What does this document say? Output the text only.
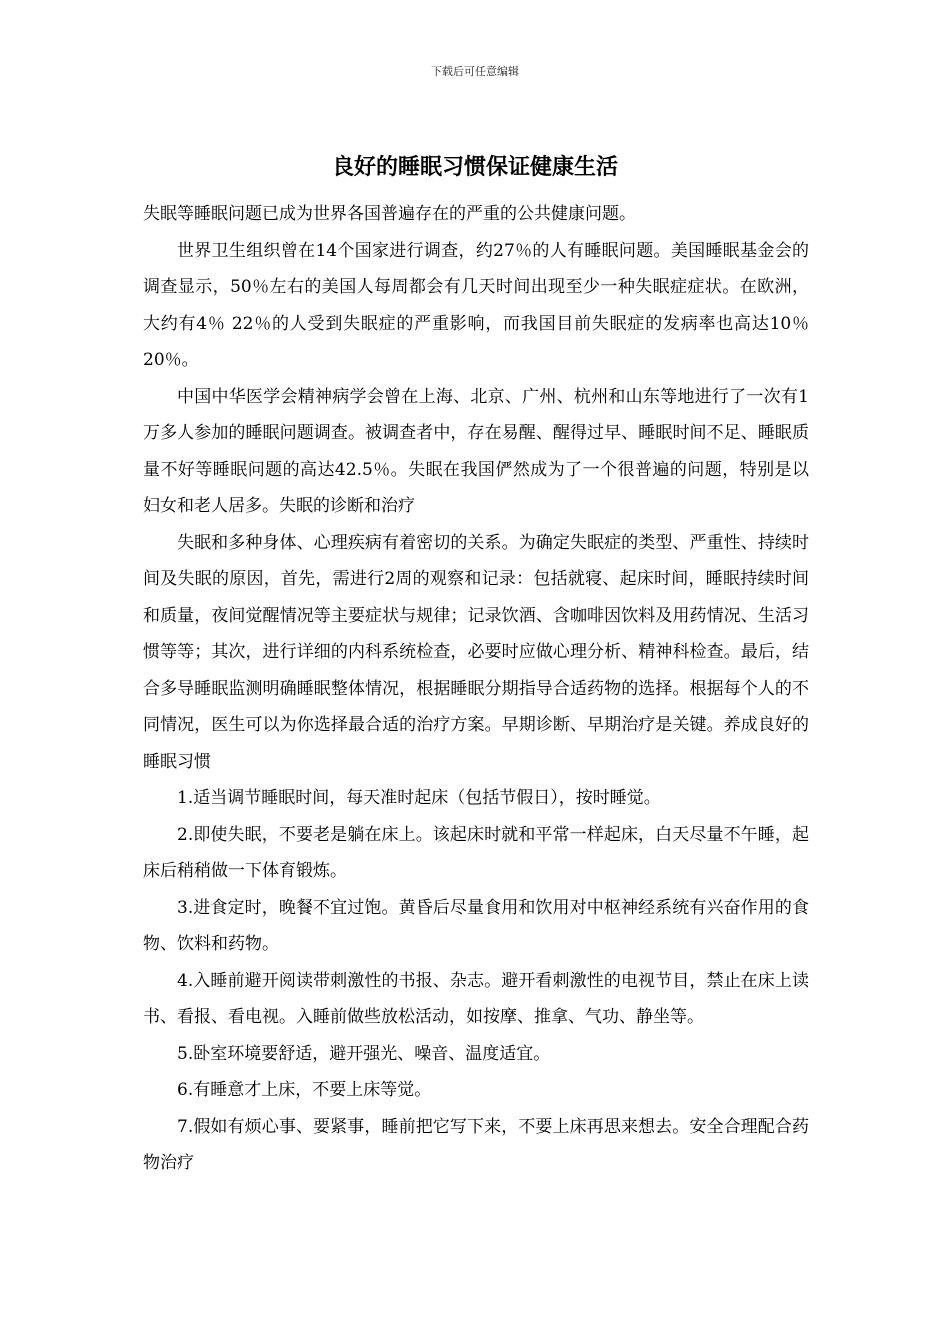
下载后可任意编辑
良好的睡眠习惯保证健康生活

失眠等睡眠问题已成为世界各国普遍存在的严重的公共健康问题。

世界卫生组织曾在14个国家进行调查，约27％的人有睡眠问题。美国睡眠基金会的调查显示，50％左右的美国人每周都会有几天时间出现至少一种失眠症症状。在欧洲，大约有4％ 22％的人受到失眠症的严重影响，而我国目前失眠症的发病率也高达10％ 20％。

中国中华医学会精神病学会曾在上海、北京、广州、杭州和山东等地进行了一次有1万多人参加的睡眠问题调查。被调查者中，存在易醒、醒得过早、睡眠时间不足、睡眠质量不好等睡眠问题的高达42.5％。失眠在我国俨然成为了一个很普遍的问题，特别是以妇女和老人居多。失眠的诊断和治疗

失眠和多种身体、心理疾病有着密切的关系。为确定失眠症的类型、严重性、持续时间及失眠的原因，首先，需进行2周的观察和记录：包括就寝、起床时间，睡眠持续时间和质量，夜间觉醒情况等主要症状与规律；记录饮酒、含咖啡因饮料及用药情况、生活习惯等等；其次，进行详细的内科系统检查，必要时应做心理分析、精神科检查。最后，结合多导睡眠监测明确睡眠整体情况，根据睡眠分期指导合适药物的选择。根据每个人的不同情况，医生可以为你选择最合适的治疗方案。早期诊断、早期治疗是关键。养成良好的睡眠习惯

1.适当调节睡眠时间，每天准时起床（包括节假日），按时睡觉。

2.即使失眠，不要老是躺在床上。该起床时就和平常一样起床，白天尽量不午睡，起床后稍稍做一下体育锻炼。

3.进食定时，晚餐不宜过饱。黄昏后尽量食用和饮用对中枢神经系统有兴奋作用的食物、饮料和药物。

4.入睡前避开阅读带刺激性的书报、杂志。避开看刺激性的电视节目，禁止在床上读书、看报、看电视。入睡前做些放松活动，如按摩、推拿、气功、静坐等。

5.卧室环境要舒适，避开强光、噪音、温度适宜。

6.有睡意才上床，不要上床等觉。

7.假如有烦心事、要紧事，睡前把它写下来，不要上床再思来想去。安全合理配合药物治疗
